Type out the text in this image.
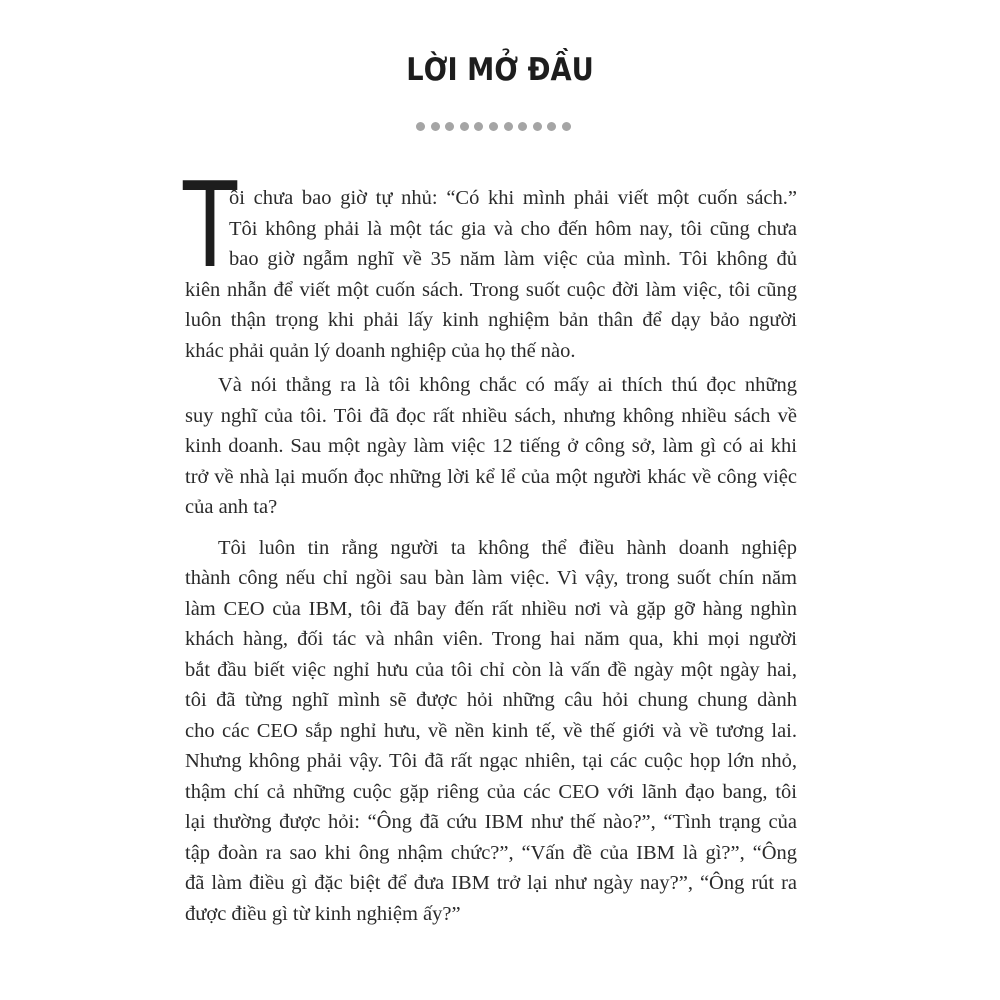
LỜI MỞ ĐẦU
T
ôi chưa bao giờ tự nhủ: “Có khi mình phải viết một cuốn sách.”
Tôi không phải là một tác gia và cho đến hôm nay, tôi cũng chưa
bao giờ ngẫm nghĩ về 35 năm làm việc của mình. Tôi không đủ
kiên nhẫn để viết một cuốn sách. Trong suốt cuộc đời làm việc, tôi cũng
luôn thận trọng khi phải lấy kinh nghiệm bản thân để dạy bảo người
khác phải quản lý doanh nghiệp của họ thế nào.
Và nói thẳng ra là tôi không chắc có mấy ai thích thú đọc những
suy nghĩ của tôi. Tôi đã đọc rất nhiều sách, nhưng không nhiều sách về
kinh doanh. Sau một ngày làm việc 12 tiếng ở công sở, làm gì có ai khi
trở về nhà lại muốn đọc những lời kể lể của một người khác về công việc
của anh ta?
Tôi luôn tin rằng người ta không thể điều hành doanh nghiệp
thành công nếu chỉ ngồi sau bàn làm việc. Vì vậy, trong suốt chín năm
làm CEO của IBM, tôi đã bay đến rất nhiều nơi và gặp gỡ hàng nghìn
khách hàng, đối tác và nhân viên. Trong hai năm qua, khi mọi người
bắt đầu biết việc nghỉ hưu của tôi chỉ còn là vấn đề ngày một ngày hai,
tôi đã từng nghĩ mình sẽ được hỏi những câu hỏi chung chung dành
cho các CEO sắp nghỉ hưu, về nền kinh tế, về thế giới và về tương lai.
Nhưng không phải vậy. Tôi đã rất ngạc nhiên, tại các cuộc họp lớn nhỏ,
thậm chí cả những cuộc gặp riêng của các CEO với lãnh đạo bang, tôi
lại thường được hỏi: “Ông đã cứu IBM như thế nào?”, “Tình trạng của
tập đoàn ra sao khi ông nhậm chức?”, “Vấn đề của IBM là gì?”, “Ông
đã làm điều gì đặc biệt để đưa IBM trở lại như ngày nay?”, “Ông rút ra
được điều gì từ kinh nghiệm ấy?”
